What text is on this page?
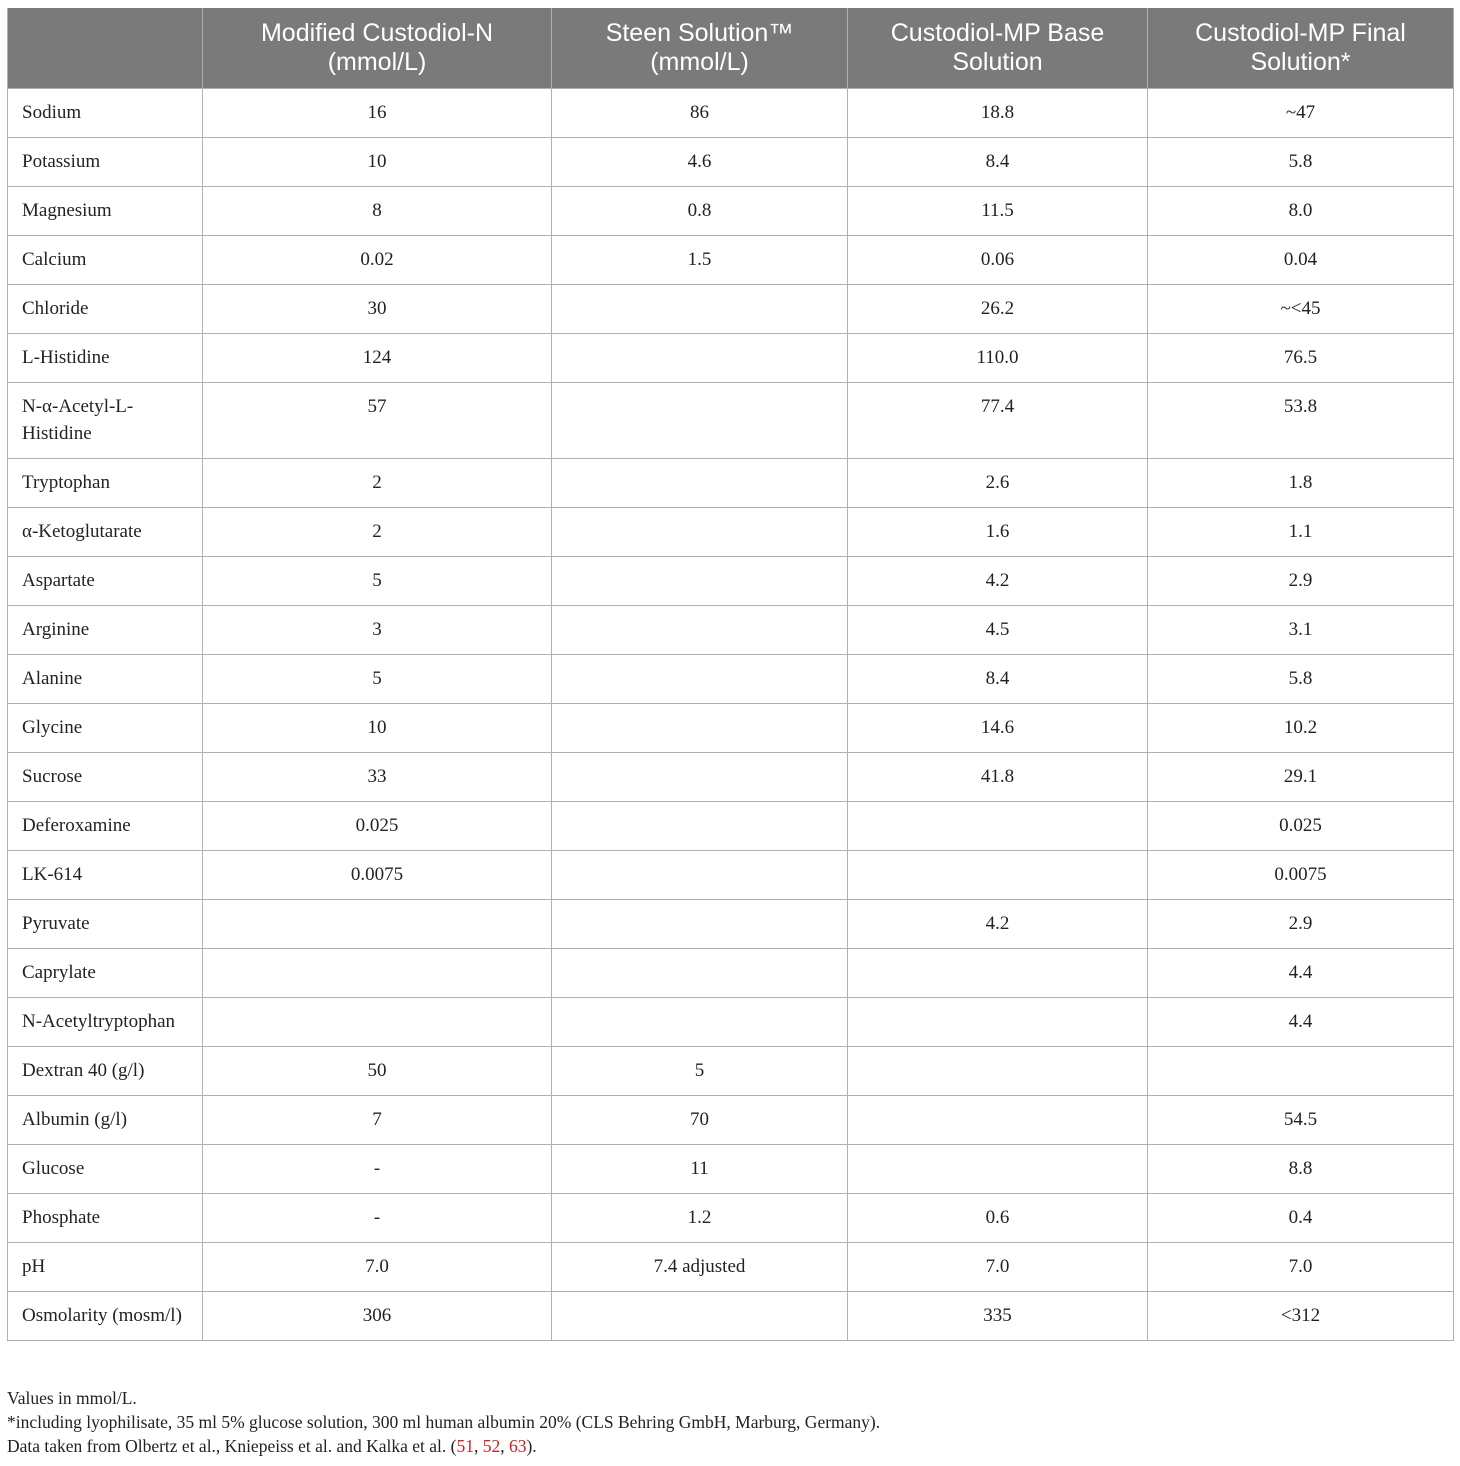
	Modified Custodiol-N (mmol/L)	Steen Solution™ (mmol/L)	Custodiol-MP Base Solution	Custodiol-MP Final Solution*
Sodium	16	86	18.8	~47
Potassium	10	4.6	8.4	5.8
Magnesium	8	0.8	11.5	8.0
Calcium	0.02	1.5	0.06	0.04
Chloride	30		26.2	~<45
L-Histidine	124		110.0	76.5
N-α-Acetyl-L-Histidine	57		77.4	53.8
Tryptophan	2		2.6	1.8
α-Ketoglutarate	2		1.6	1.1
Aspartate	5		4.2	2.9
Arginine	3		4.5	3.1
Alanine	5		8.4	5.8
Glycine	10		14.6	10.2
Sucrose	33		41.8	29.1
Deferoxamine	0.025			0.025
LK-614	0.0075			0.0075
Pyruvate			4.2	2.9
Caprylate				4.4
N-Acetyltryptophan				4.4
Dextran 40 (g/l)	50	5		
Albumin (g/l)	7	70		54.5
Glucose	-	11		8.8
Phosphate	-	1.2	0.6	0.4
pH	7.0	7.4 adjusted	7.0	7.0
Osmolarity (mosm/l)	306		335	<312
Values in mmol/L.
*including lyophilisate, 35 ml 5% glucose solution, 300 ml human albumin 20% (CLS Behring GmbH, Marburg, Germany).
Data taken from Olbertz et al., Kniepeiss et al. and Kalka et al. (51, 52, 63).
